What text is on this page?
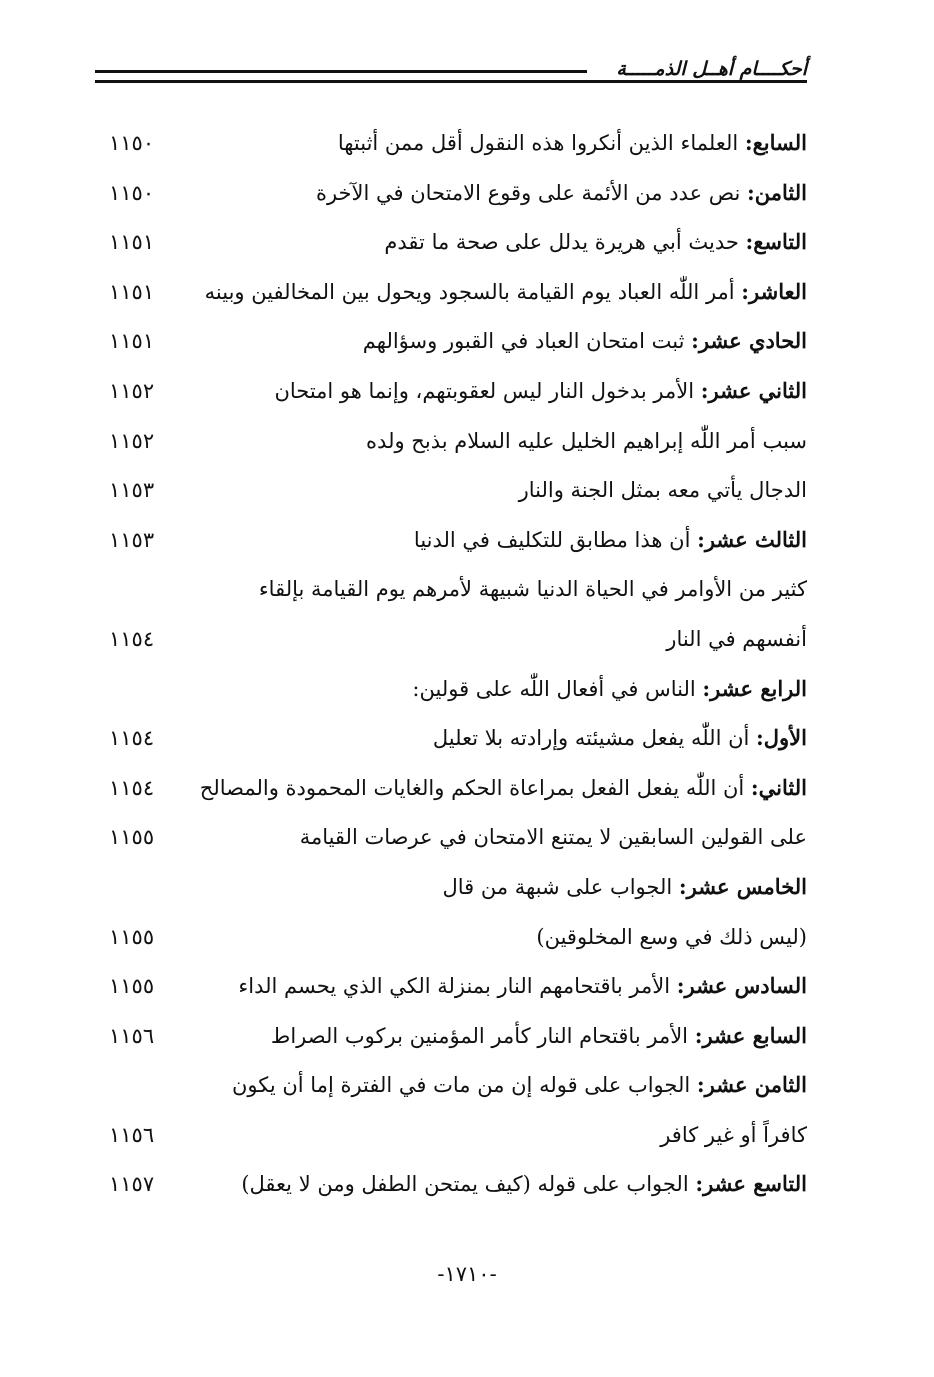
أحكــــام أهــل الذمـــــة
السابع: العلماء الذين أنكروا هذه النقول أقل ممن أثبتها
١١٥٠
الثامن: نص عدد من الأئمة على وقوع الامتحان في الآخرة
١١٥٠
التاسع: حديث أبي هريرة يدلل على صحة ما تقدم
١١٥١
العاشر: أمر اللّٰه العباد يوم القيامة بالسجود ويحول بين المخالفين وبينه
١١٥١
الحادي عشر: ثبت امتحان العباد في القبور وسؤالهم
١١٥١
الثاني عشر: الأمر بدخول النار ليس لعقوبتهم، وإنما هو امتحان
١١٥٢
سبب أمر اللّٰه إبراهيم الخليل عليه السلام بذبح ولده
١١٥٢
الدجال يأتي معه بمثل الجنة والنار
١١٥٣
الثالث عشر: أن هذا مطابق للتكليف في الدنيا
١١٥٣
كثير من الأوامر في الحياة الدنيا شبيهة لأمرهم يوم القيامة بإلقاء
أنفسهم في النار
١١٥٤
الرابع عشر: الناس في أفعال اللّٰه على قولين:
الأول: أن اللّٰه يفعل مشيئته وإرادته بلا تعليل
١١٥٤
الثاني: أن اللّٰه يفعل الفعل بمراعاة الحكم والغايات المحمودة والمصالح
١١٥٤
على القولين السابقين لا يمتنع الامتحان في عرصات القيامة
١١٥٥
الخامس عشر: الجواب على شبهة من قال
(ليس ذلك في وسع المخلوقين)
١١٥٥
السادس عشر: الأمر باقتحامهم النار بمنزلة الكي الذي يحسم الداء
١١٥٥
السابع عشر: الأمر باقتحام النار كأمر المؤمنين بركوب الصراط
١١٥٦
الثامن عشر: الجواب على قوله إن من مات في الفترة إما أن يكون
كافراً أو غير كافر
١١٥٦
التاسع عشر: الجواب على قوله (كيف يمتحن الطفل ومن لا يعقل)
١١٥٧
-١٧١٠-
